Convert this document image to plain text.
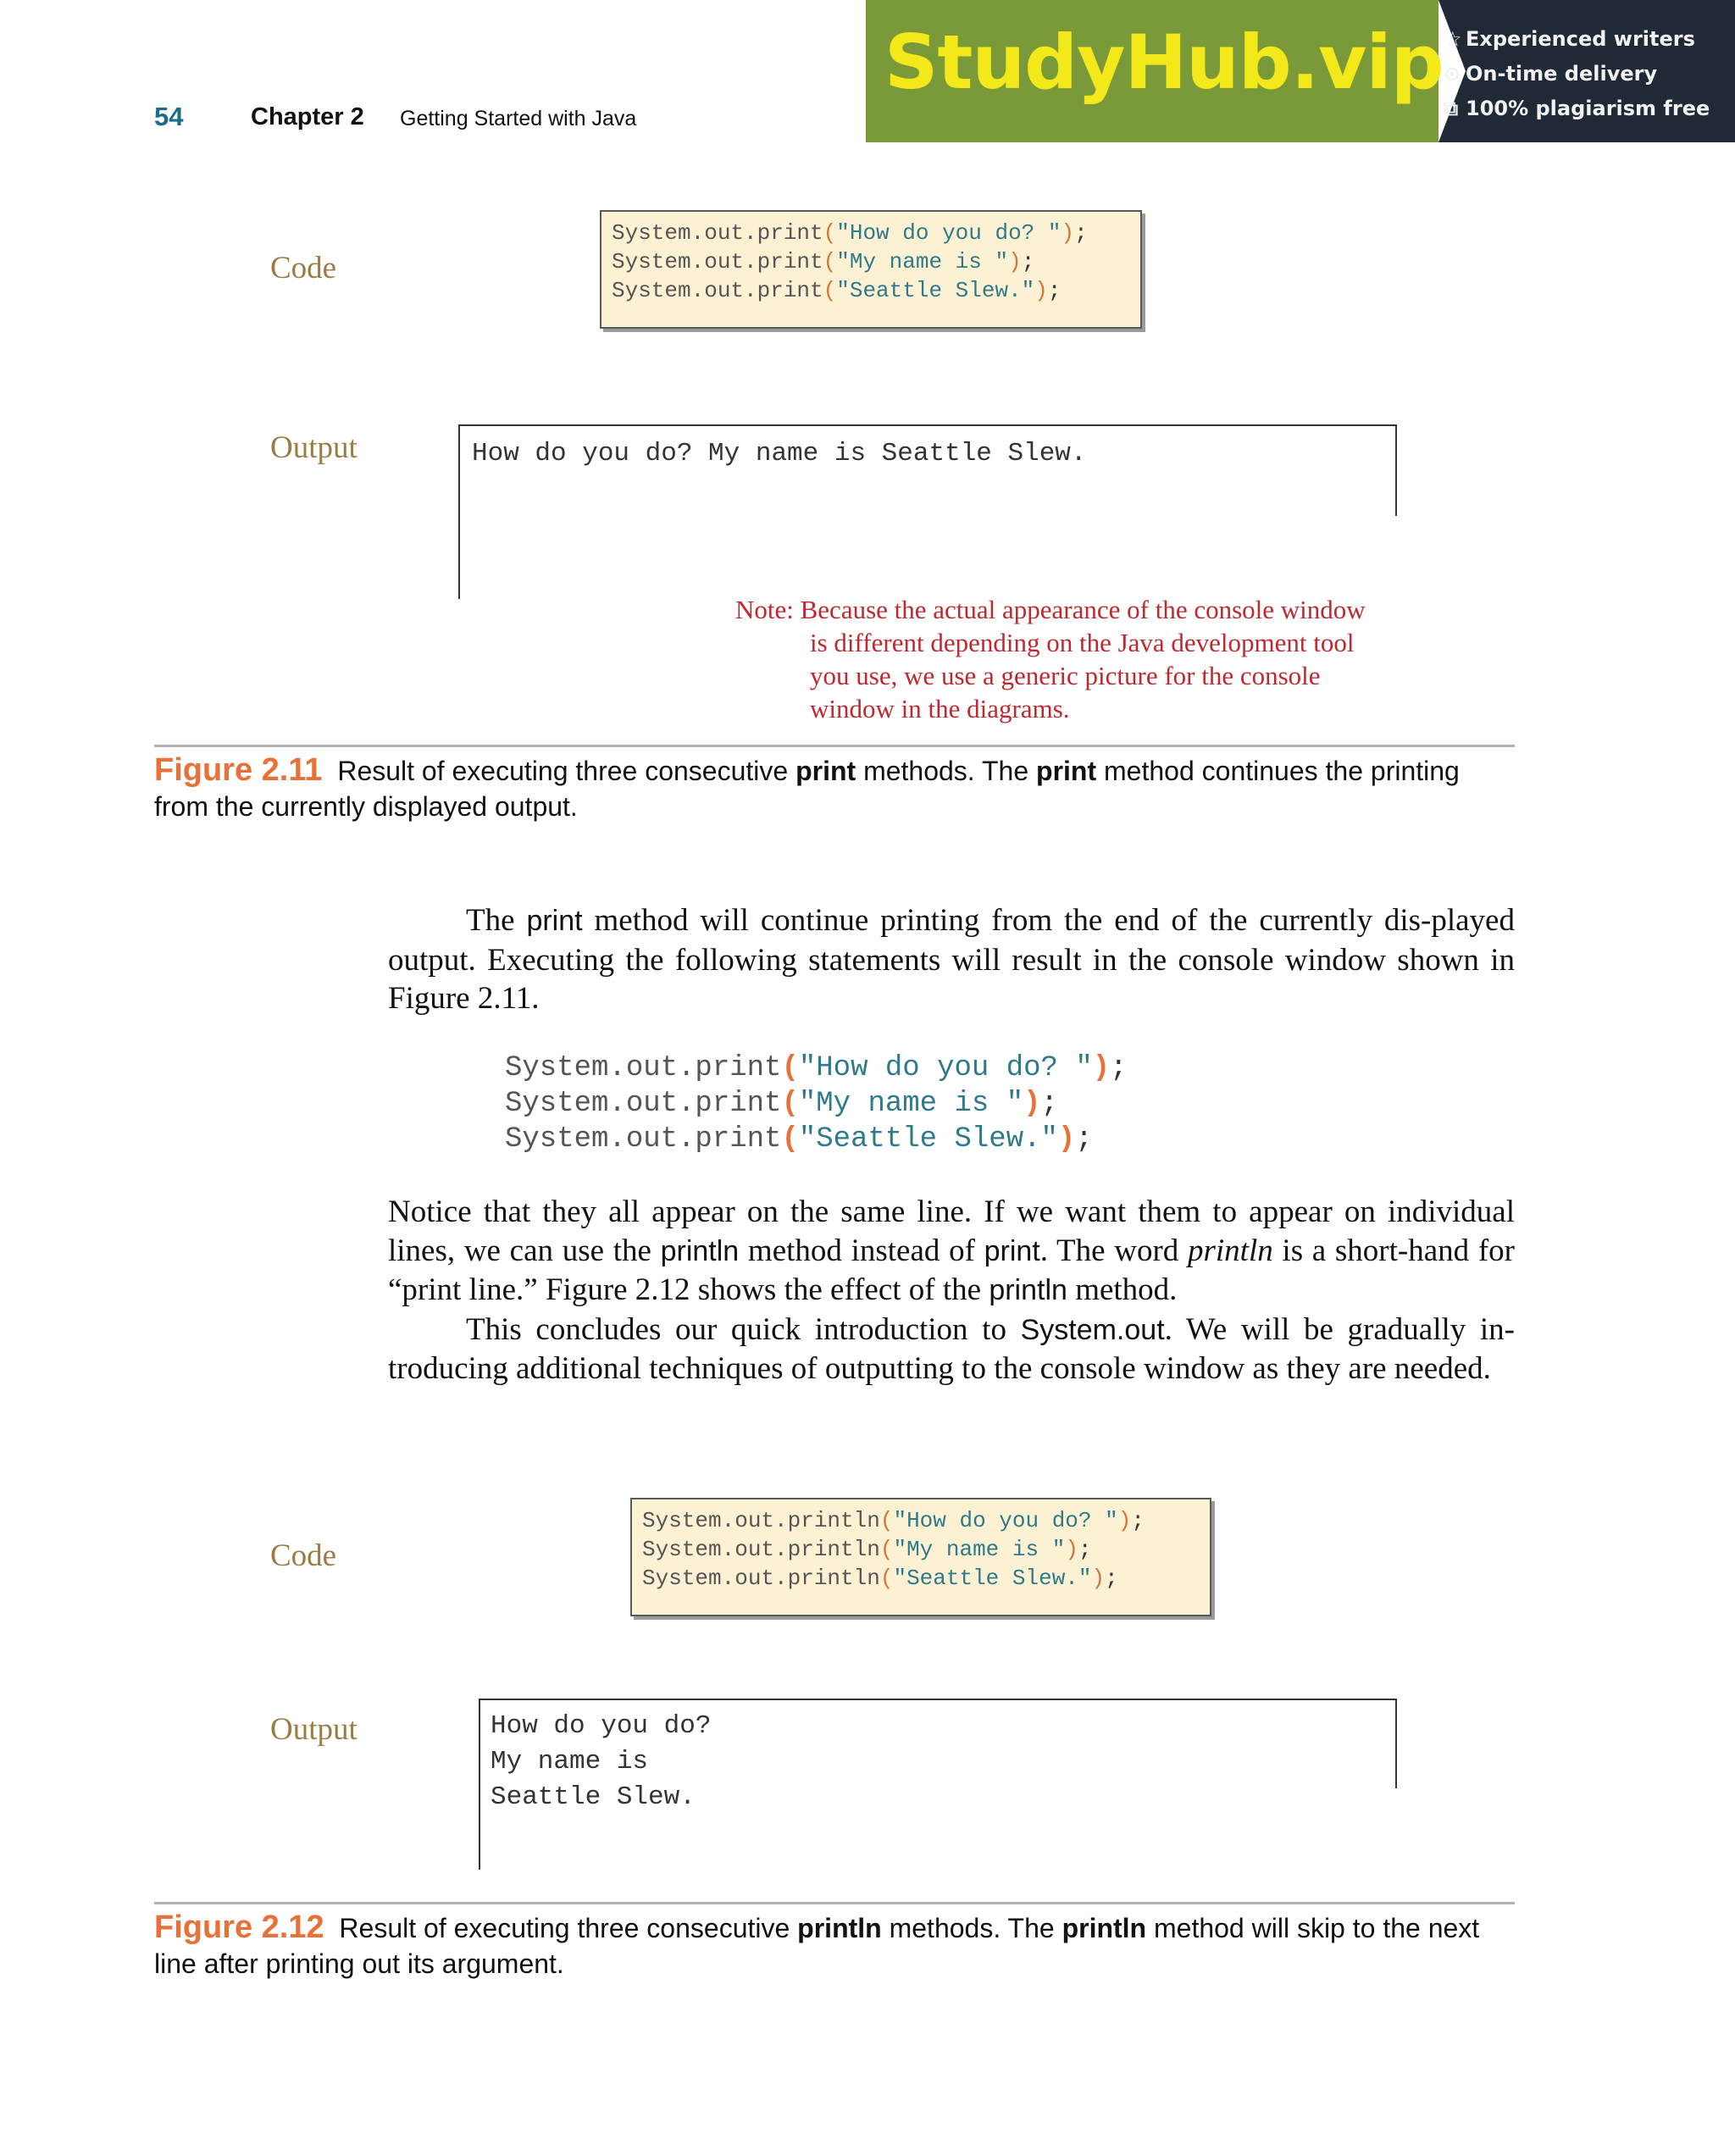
54	Chapter 2 Getting Started with Java
StudyHub.vip ☆ Experienced writers
⊙ On-time delivery
⧉ 100% plagiarism free
Code
System.out.print("How do you do? ");
System.out.print("My name is ");
System.out.print("Seattle Slew.");
Output	How do you do? My name is Seattle Slew.
Note: Because the actual appearance of the console window
is different depending on the Java development tool
you use, we use a generic picture for the console
window in the diagrams.
Figure 2.11 Result of executing three consecutive print methods. The print method continues the printing from the currently displayed output.

The print method will continue printing from the end of the currently dis-played output. Executing the following statements will result in the console window shown in Figure 2.11.

System.out.print("How do you do? ");
System.out.print("My name is ");
System.out.print("Seattle Slew.");

Notice that they all appear on the same line. If we want them to appear on individual lines, we can use the println method instead of print. The word println is a short-hand for “print line.” Figure 2.12 shows the effect of the println method.

This concludes our quick introduction to System.out. We will be gradually in-troducing additional techniques of outputting to the console window as they are needed.

Code
System.out.println("How do you do? ");
System.out.println("My name is ");
System.out.println("Seattle Slew.");
Output	How do you do?
My name is
Seattle Slew.
Figure 2.12 Result of executing three consecutive println methods. The println method will skip to the next line after printing out its argument.
